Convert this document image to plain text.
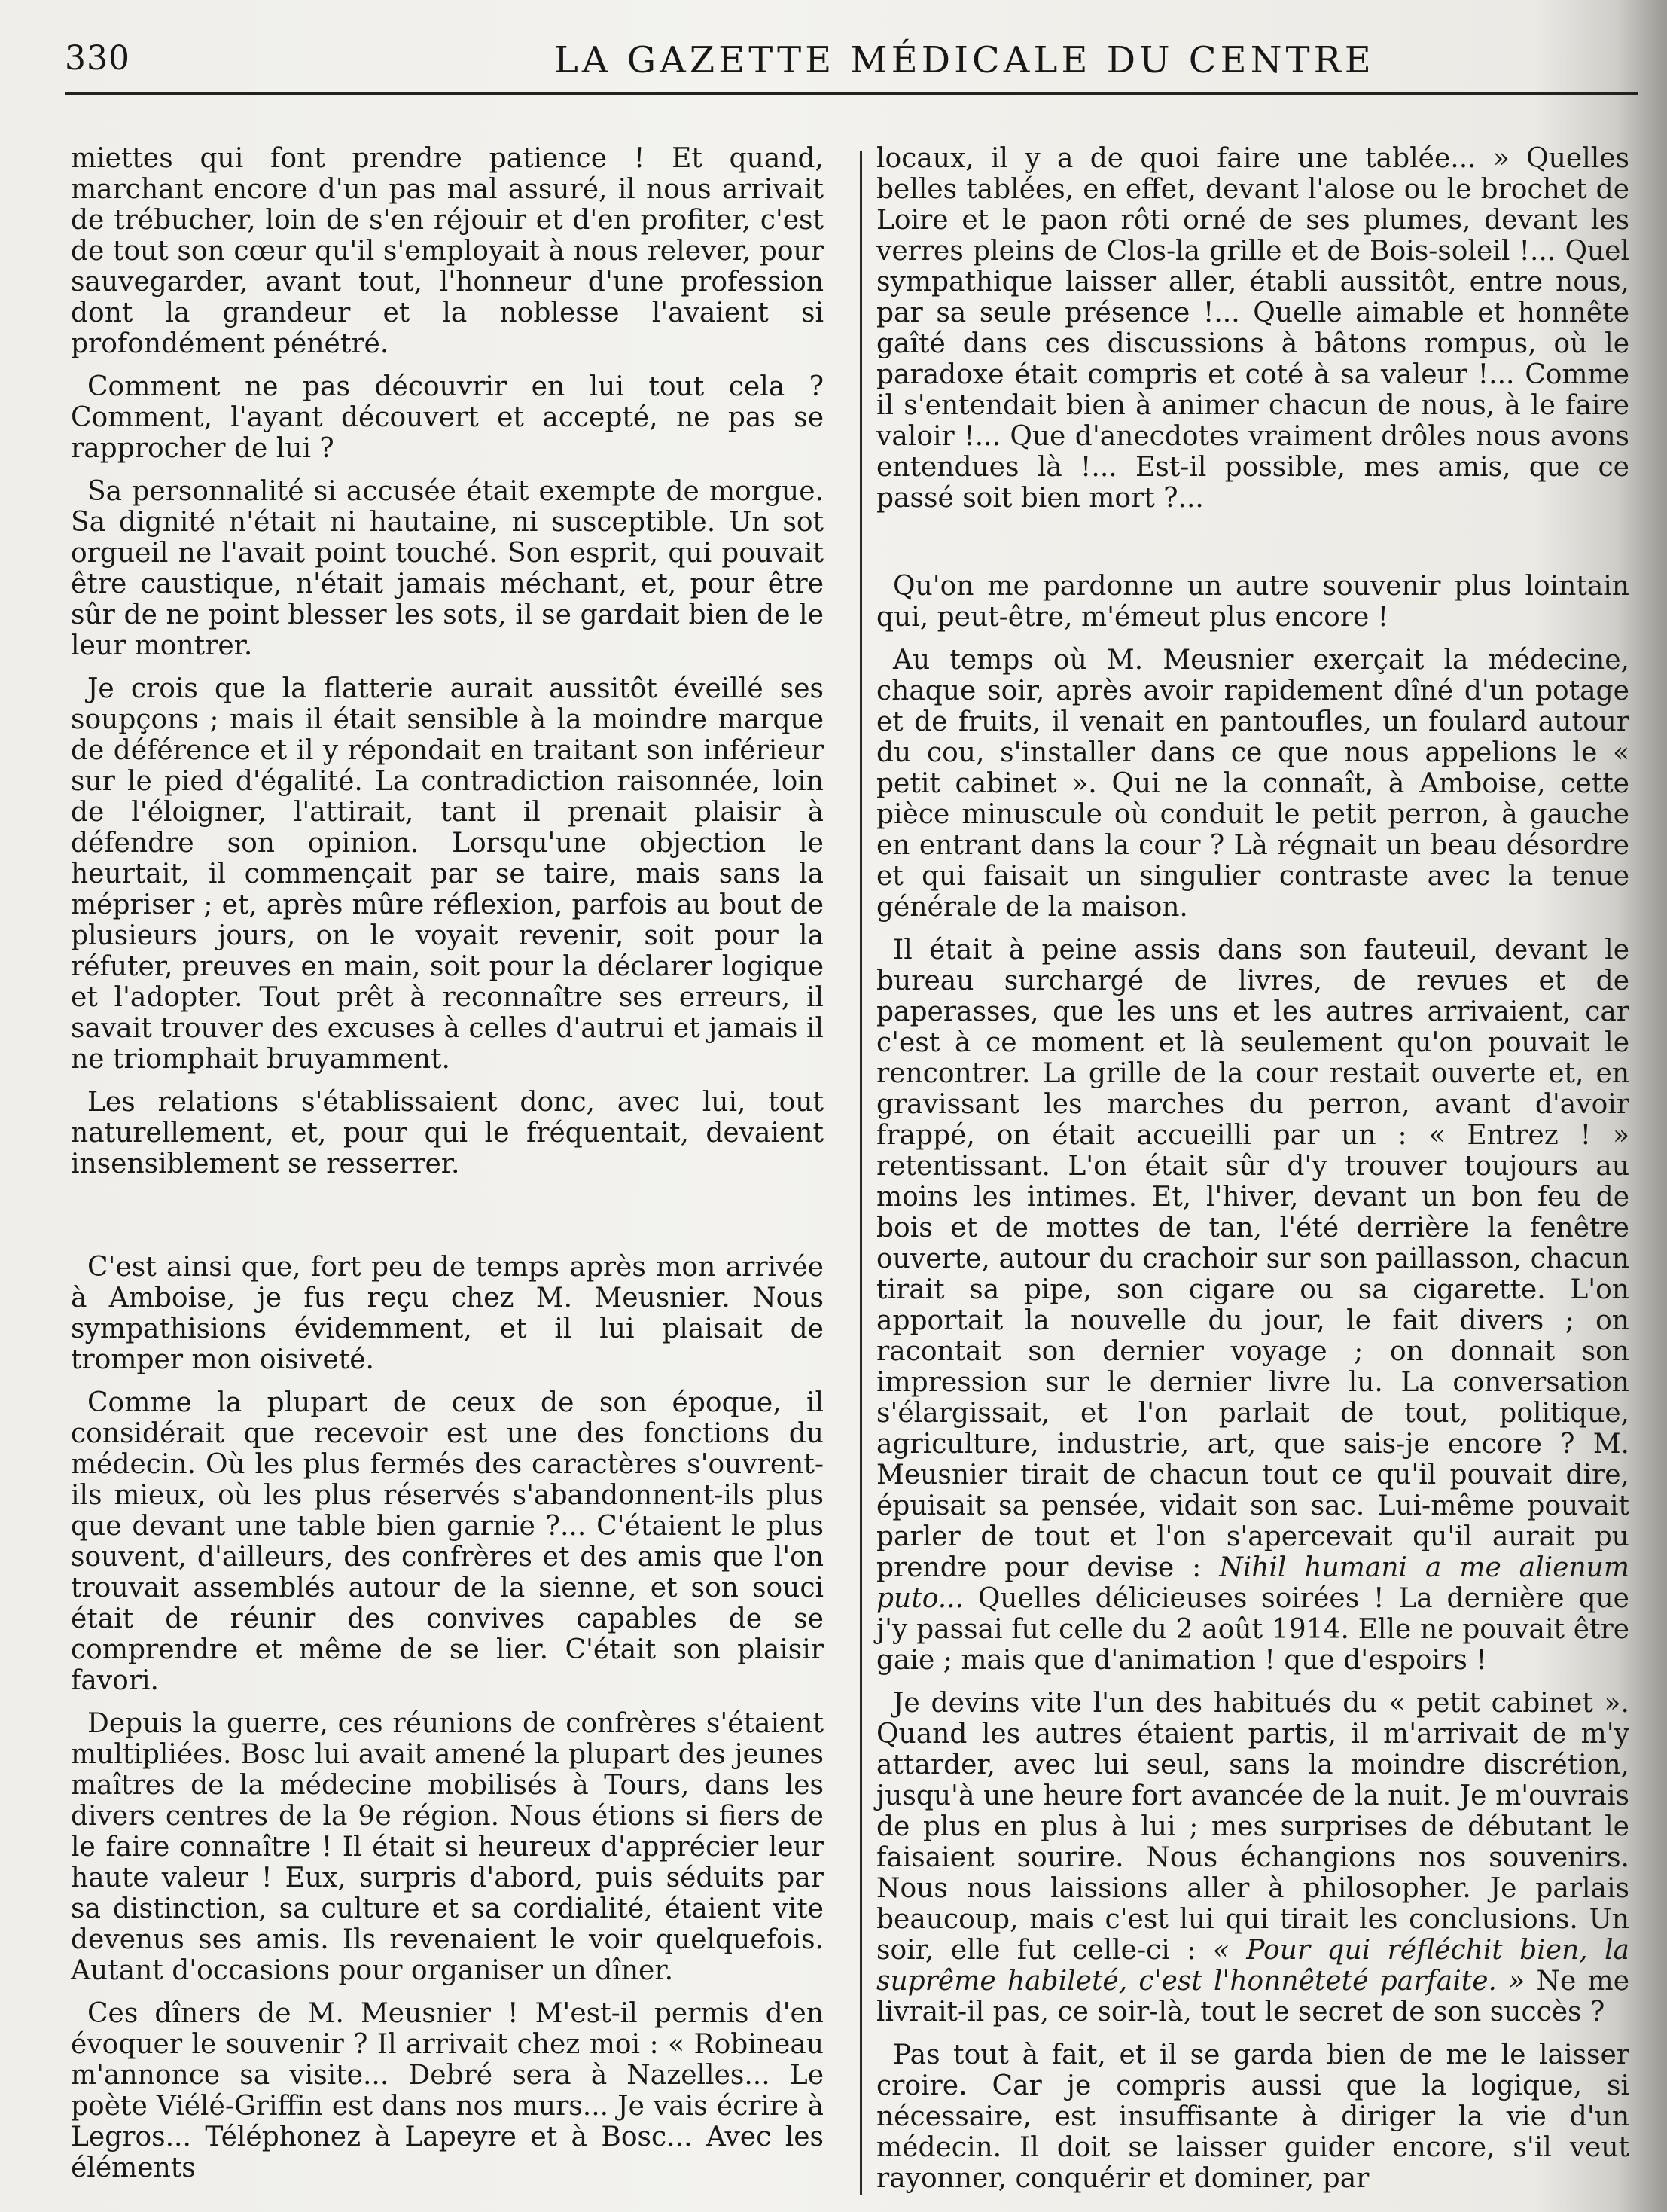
330	LA GAZETTE MÉDICALE DU CENTRE

miettes qui font prendre patience ! Et quand, marchant encore d'un pas mal assuré, il nous arrivait de trébucher, loin de s'en réjouir et d'en profiter, c'est de tout son cœur qu'il s'employait à nous relever, pour sauvegarder, avant tout, l'honneur d'une profession dont la grandeur et la noblesse l'avaient si profondément pénétré.

Comment ne pas découvrir en lui tout cela ? Comment, l'ayant découvert et accepté, ne pas se rapprocher de lui ?

Sa personnalité si accusée était exempte de morgue. Sa dignité n'était ni hautaine, ni susceptible. Un sot orgueil ne l'avait point touché. Son esprit, qui pouvait être caustique, n'était jamais méchant, et, pour être sûr de ne point blesser les sots, il se gardait bien de le leur montrer.

Je crois que la flatterie aurait aussitôt éveillé ses soupçons ; mais il était sensible à la moindre marque de déférence et il y répondait en traitant son inférieur sur le pied d'égalité. La contradiction raisonnée, loin de l'éloigner, l'attirait, tant il prenait plaisir à défendre son opinion. Lorsqu'une objection le heurtait, il commençait par se taire, mais sans la mépriser ; et, après mûre réflexion, parfois au bout de plusieurs jours, on le voyait revenir, soit pour la réfuter, preuves en main, soit pour la déclarer logique et l'adopter. Tout prêt à reconnaître ses erreurs, il savait trouver des excuses à celles d'autrui et jamais il ne triomphait bruyamment.

Les relations s'établissaient donc, avec lui, tout naturellement, et, pour qui le fréquentait, devaient insensiblement se resserrer.

C'est ainsi que, fort peu de temps après mon arrivée à Amboise, je fus reçu chez M. Meusnier. Nous sympathisions évidemment, et il lui plaisait de tromper mon oisiveté.

Comme la plupart de ceux de son époque, il considérait que recevoir est une des fonctions du médecin. Où les plus fermés des caractères s'ouvrent-ils mieux, où les plus réservés s'abandonnent-ils plus que devant une table bien garnie ?... C'étaient le plus souvent, d'ailleurs, des confrères et des amis que l'on trouvait assemblés autour de la sienne, et son souci était de réunir des convives capables de se comprendre et même de se lier. C'était son plaisir favori.

Depuis la guerre, ces réunions de confrères s'étaient multipliées. Bosc lui avait amené la plupart des jeunes maîtres de la médecine mobilisés à Tours, dans les divers centres de la 9e région. Nous étions si fiers de le faire connaître ! Il était si heureux d'apprécier leur haute valeur ! Eux, surpris d'abord, puis séduits par sa distinction, sa culture et sa cordialité, étaient vite devenus ses amis. Ils revenaient le voir quelquefois. Autant d'occasions pour organiser un dîner.

Ces dîners de M. Meusnier ! M'est-il permis d'en évoquer le souvenir ? Il arrivait chez moi : « Robineau m'annonce sa visite... Debré sera à Nazelles... Le poète Viélé-Griffin est dans nos murs... Je vais écrire à Legros... Téléphonez à Lapeyre et à Bosc... Avec les éléments

locaux, il y a de quoi faire une tablée... » Quelles belles tablées, en effet, devant l'alose ou le brochet de Loire et le paon rôti orné de ses plumes, devant les verres pleins de Clos-la grille et de Bois-soleil !... Quel sympathique laisser aller, établi aussitôt, entre nous, par sa seule présence !... Quelle aimable et honnête gaîté dans ces discussions à bâtons rompus, où le paradoxe était compris et coté à sa valeur !... Comme il s'entendait bien à animer chacun de nous, à le faire valoir !... Que d'anecdotes vraiment drôles nous avons entendues là !... Est-il possible, mes amis, que ce passé soit bien mort ?...

Qu'on me pardonne un autre souvenir plus lointain qui, peut-être, m'émeut plus encore !

Au temps où M. Meusnier exerçait la médecine, chaque soir, après avoir rapidement dîné d'un potage et de fruits, il venait en pantoufles, un foulard autour du cou, s'installer dans ce que nous appelions le « petit cabinet ». Qui ne la connaît, à Amboise, cette pièce minuscule où conduit le petit perron, à gauche en entrant dans la cour ? Là régnait un beau désordre et qui faisait un singulier contraste avec la tenue générale de la maison.

Il était à peine assis dans son fauteuil, devant le bureau surchargé de livres, de revues et de paperasses, que les uns et les autres arrivaient, car c'est à ce moment et là seulement qu'on pouvait le rencontrer. La grille de la cour restait ouverte et, en gravissant les marches du perron, avant d'avoir frappé, on était accueilli par un : « Entrez ! » retentissant. L'on était sûr d'y trouver toujours au moins les intimes. Et, l'hiver, devant un bon feu de bois et de mottes de tan, l'été derrière la fenêtre ouverte, autour du crachoir sur son paillasson, chacun tirait sa pipe, son cigare ou sa cigarette. L'on apportait la nouvelle du jour, le fait divers ; on racontait son dernier voyage ; on donnait son impression sur le dernier livre lu. La conversation s'élargissait, et l'on parlait de tout, politique, agriculture, industrie, art, que sais-je encore ? M. Meusnier tirait de chacun tout ce qu'il pouvait dire, épuisait sa pensée, vidait son sac. Lui-même pouvait parler de tout et l'on s'apercevait qu'il aurait pu prendre pour devise : Nihil humani a me alienum puto... Quelles délicieuses soirées ! La dernière que j'y passai fut celle du 2 août 1914. Elle ne pouvait être gaie ; mais que d'animation ! que d'espoirs !

Je devins vite l'un des habitués du « petit cabinet ». Quand les autres étaient partis, il m'arrivait de m'y attarder, avec lui seul, sans la moindre discrétion, jusqu'à une heure fort avancée de la nuit. Je m'ouvrais de plus en plus à lui ; mes surprises de débutant le faisaient sourire. Nous échangions nos souvenirs. Nous nous laissions aller à philosopher. Je parlais beaucoup, mais c'est lui qui tirait les conclusions. Un soir, elle fut celle-ci : « Pour qui réfléchit bien, la suprême habileté, c'est l'honnêteté parfaite. » Ne me livrait-il pas, ce soir-là, tout le secret de son succès ?

Pas tout à fait, et il se garda bien de me le laisser croire. Car je compris aussi que la logique, si nécessaire, est insuffisante à diriger la vie d'un médecin. Il doit se laisser guider encore, s'il veut rayonner, conquérir et dominer, par
